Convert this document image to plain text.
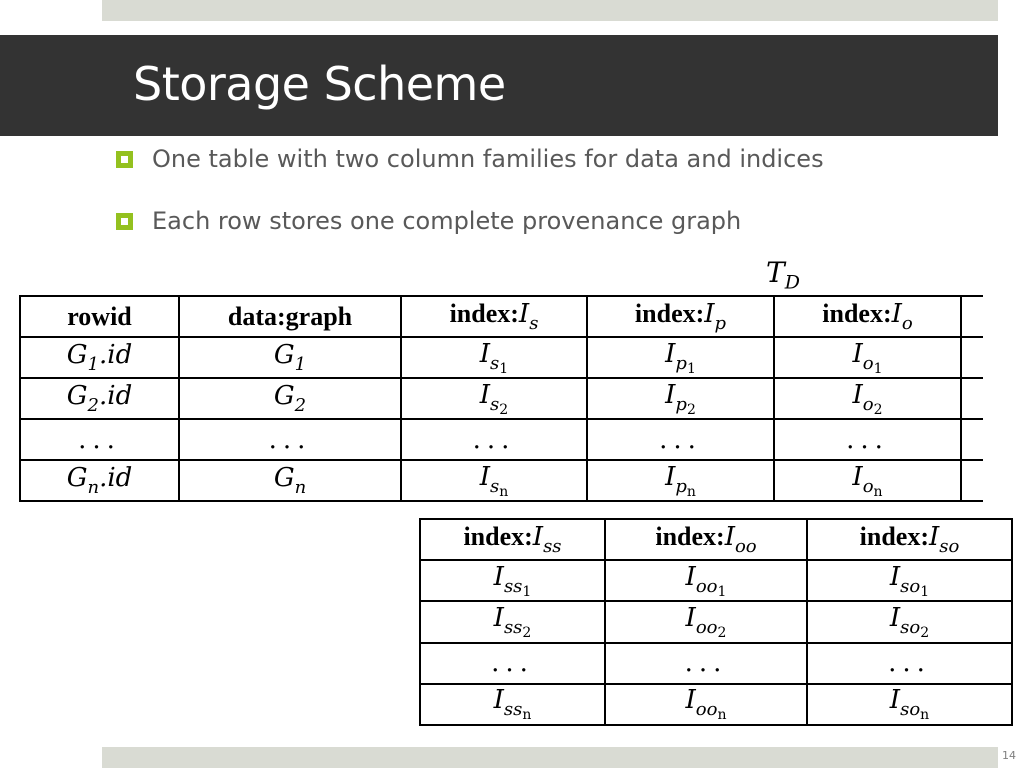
Storage Scheme
One table with two column families for data and indices
Each row stores one complete provenance graph
$T_D$
rowid	data:graph	$index:I_s$	$index:I_p$	$index:I_o$	
$G_1.id$	$G_1$	$I_{s_1}$	$I_{p_1}$	$I_{o_1}$	
$G_2.id$	$G_2$	$I_{s_2}$	$I_{p_2}$	$I_{o_2}$	
...	...	...	...	...	
$G_n.id$	$G_n$	$I_{s_n}$	$I_{p_n}$	$I_{o_n}$	
$index:I_{ss}$	$index:I_{oo}$	$index:I_{so}$
$I_{ss_1}$	$I_{oo_1}$	$I_{so_1}$
$I_{ss_2}$	$I_{oo_2}$	$I_{so_2}$
...	...	...
$I_{ss_n}$	$I_{oo_n}$	$I_{so_n}$
14
